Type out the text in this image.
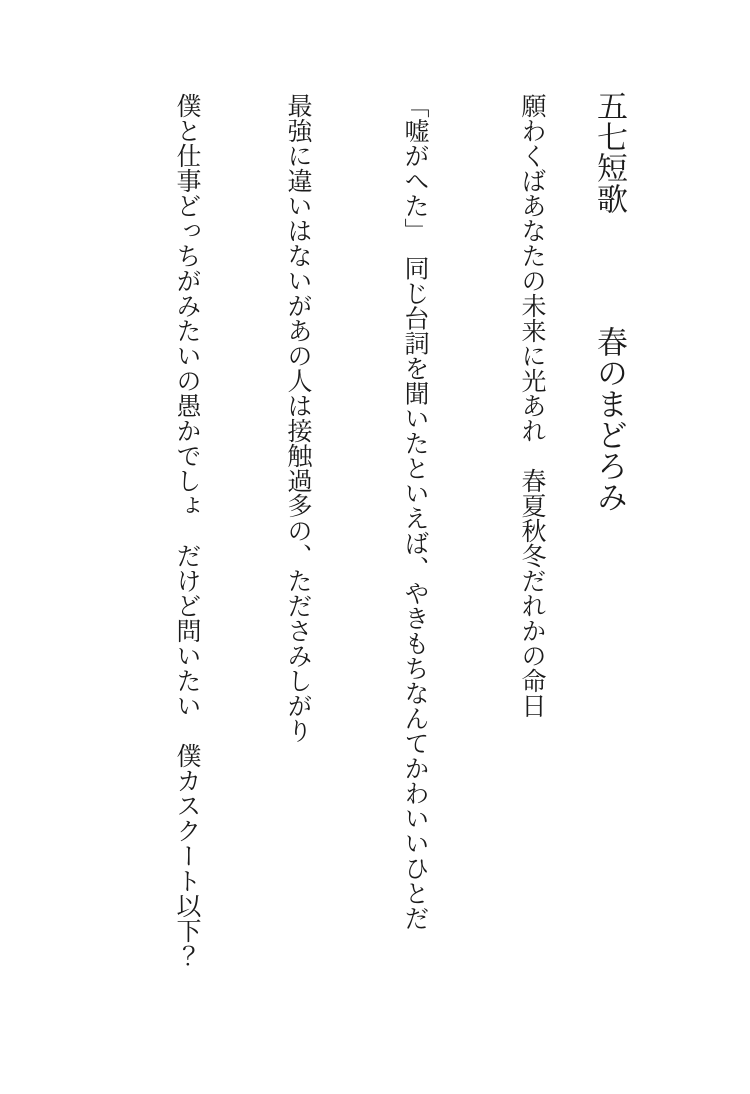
五七短歌 春のまどろみ

願わくばあなたの未来に光あれ　春夏秋冬だれかの命日

「嘘がへた」　同じ台詞を聞いたといえば、やきもちなんてかわいいひとだ

最強に違いはないがあの人は接触過多の、たださみしがり

僕と仕事どっちがみたいの愚かでしょ　だけど問いたい　僕カスクート以下？
